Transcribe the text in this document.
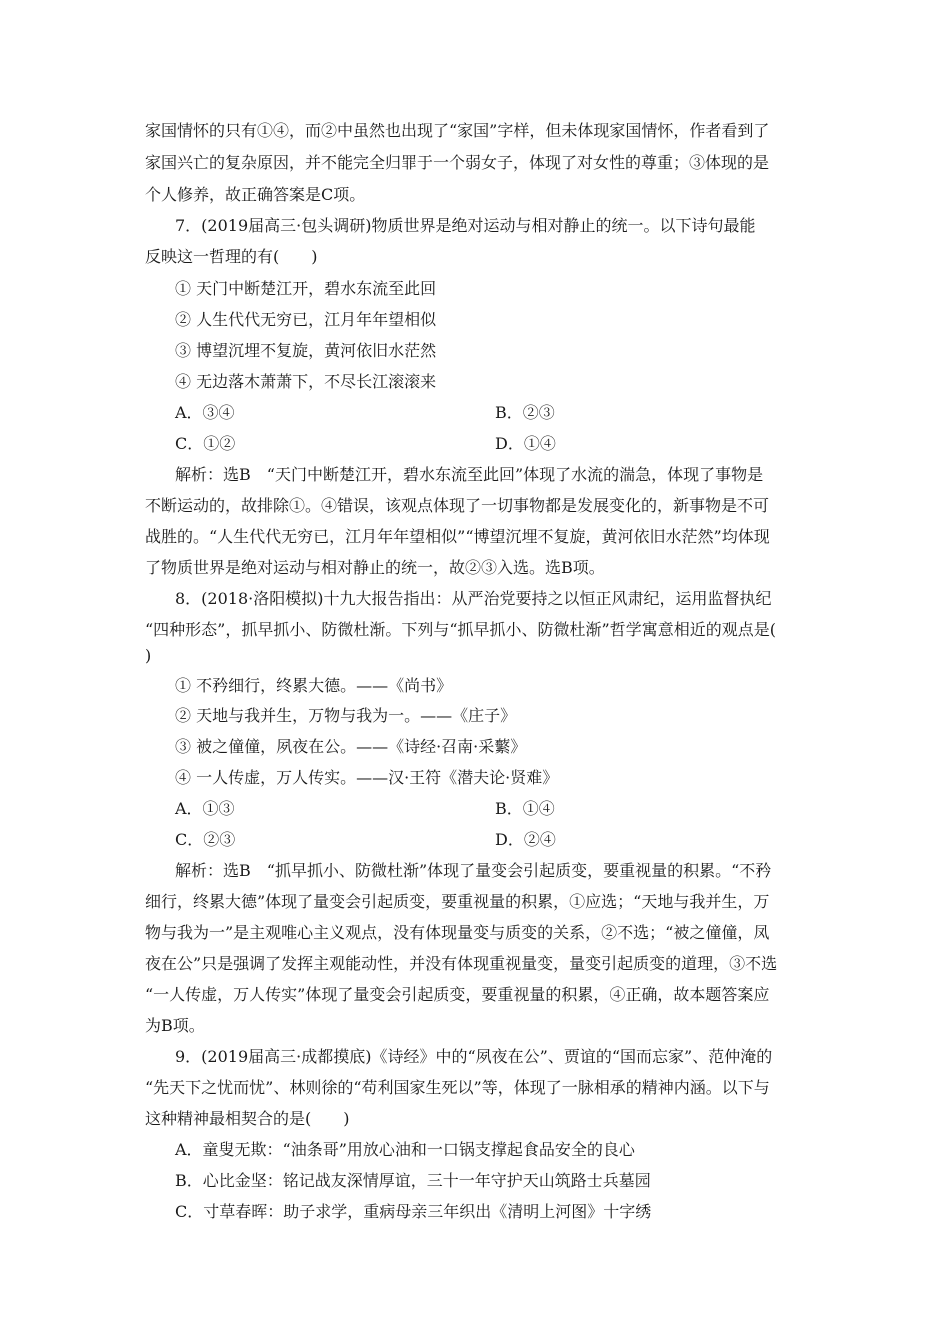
家国情怀的只有①④，而②中虽然也出现了“家国”字样，但未体现家国情怀，作者看到了
家国兴亡的复杂原因，并不能完全归罪于一个弱女子，体现了对女性的尊重；③体现的是
个人修养，故正确答案是C项。
7．(2019届高三·包头调研)物质世界是绝对运动与相对静止的统一。以下诗句最能
反映这一哲理的有(　　)
① 天门中断楚江开，碧水东流至此回
② 人生代代无穷已，江月年年望相似
③ 博望沉埋不复旋，黄河依旧水茫然
④ 无边落木萧萧下，不尽长江滚滚来
A．③④	B．②③
C．①②	D．①④
解析：选B　“天门中断楚江开，碧水东流至此回”体现了水流的湍急，体现了事物是
不断运动的，故排除①。④错误，该观点体现了一切事物都是发展变化的，新事物是不可
战胜的。“人生代代无穷已，江月年年望相似”“博望沉埋不复旋，黄河依旧水茫然”均体现
了物质世界是绝对运动与相对静止的统一，故②③入选。选B项。
8．(2018·洛阳模拟)十九大报告指出：从严治党要持之以恒正风肃纪，运用监督执纪
“四种形态”，抓早抓小、防微杜渐。下列与“抓早抓小、防微杜渐”哲学寓意相近的观点是(
)
① 不矜细行，终累大德。——《尚书》
② 天地与我并生，万物与我为一。——《庄子》
③ 被之僮僮，夙夜在公。——《诗经·召南·采蘩》
④ 一人传虚，万人传实。——汉·王符《潜夫论·贤难》
A．①③	B．①④
C．②③	D．②④
解析：选B　“抓早抓小、防微杜渐”体现了量变会引起质变，要重视量的积累。“不矜
细行，终累大德”体现了量变会引起质变，要重视量的积累，①应选；“天地与我并生，万
物与我为一”是主观唯心主义观点，没有体现量变与质变的关系，②不选；“被之僮僮，凤
夜在公”只是强调了发挥主观能动性，并没有体现重视量变，量变引起质变的道理，③不选
“一人传虚，万人传实”体现了量变会引起质变，要重视量的积累，④正确，故本题答案应
为B项。
9．(2019届高三·成都摸底)《诗经》中的“夙夜在公”、贾谊的“国而忘家”、范仲淹的
“先天下之忧而忧”、林则徐的“苟利国家生死以”等，体现了一脉相承的精神内涵。以下与
这种精神最相契合的是(　　)
A．童叟无欺：“油条哥”用放心油和一口锅支撑起食品安全的良心
B．心比金坚：铭记战友深情厚谊，三十一年守护天山筑路士兵墓园
C．寸草春晖：助子求学，重病母亲三年织出《清明上河图》十字绣
